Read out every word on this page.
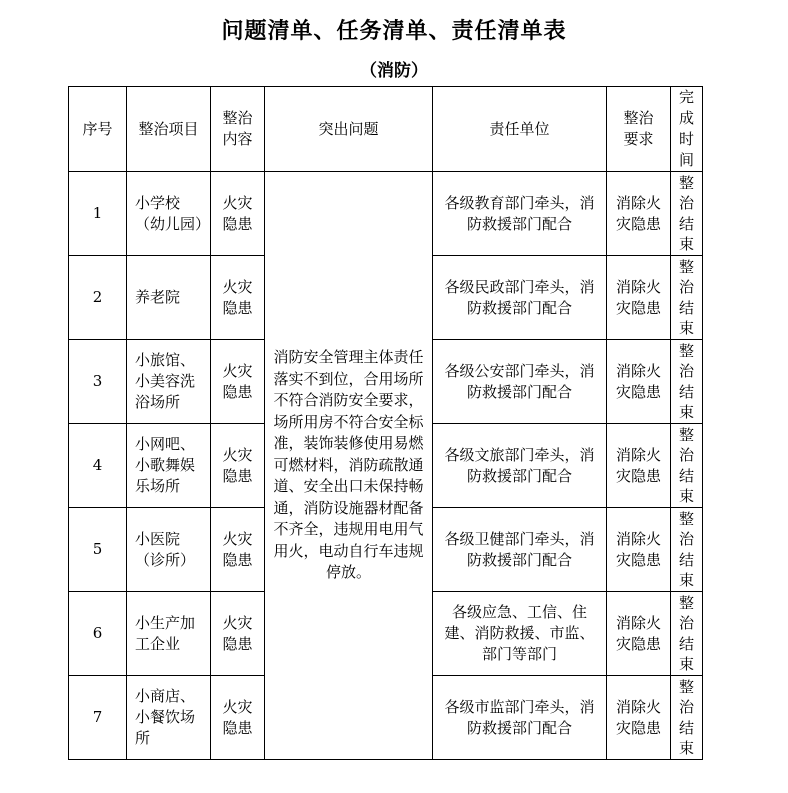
问题清单、任务清单、责任清单表
（消防）
序号	整治项目	整治内容	突出问题	责任单位	整治要求	完成时间
1	小学校（幼儿园）	火灾隐患	消防安全管理主体责任落实不到位，合用场所不符合消防安全要求，场所用房不符合安全标准，装饰装修使用易燃可燃材料，消防疏散通道、安全出口未保持畅通，消防设施器材配备不齐全，违规用电用气用火，电动自行车违规停放。	各级教育部门牵头，消防救援部门配合	消除火灾隐患	整治结束
2	养老院	火灾隐患		各级民政部门牵头，消防救援部门配合	消除火灾隐患	整治结束
3	小旅馆、小美容洗浴场所	火灾隐患		各级公安部门牵头，消防救援部门配合	消除火灾隐患	整治结束
4	小网吧、小歌舞娱乐场所	火灾隐患		各级文旅部门牵头，消防救援部门配合	消除火灾隐患	整治结束
5	小医院（诊所）	火灾隐患		各级卫健部门牵头，消防救援部门配合	消除火灾隐患	整治结束
6	小生产加工企业	火灾隐患		各级应急、工信、住建、消防救援、市监、部门等部门	消除火灾隐患	整治结束
7	小商店、小餐饮场所	火灾隐患		各级市监部门牵头，消防救援部门配合	消除火灾隐患	整治结束
